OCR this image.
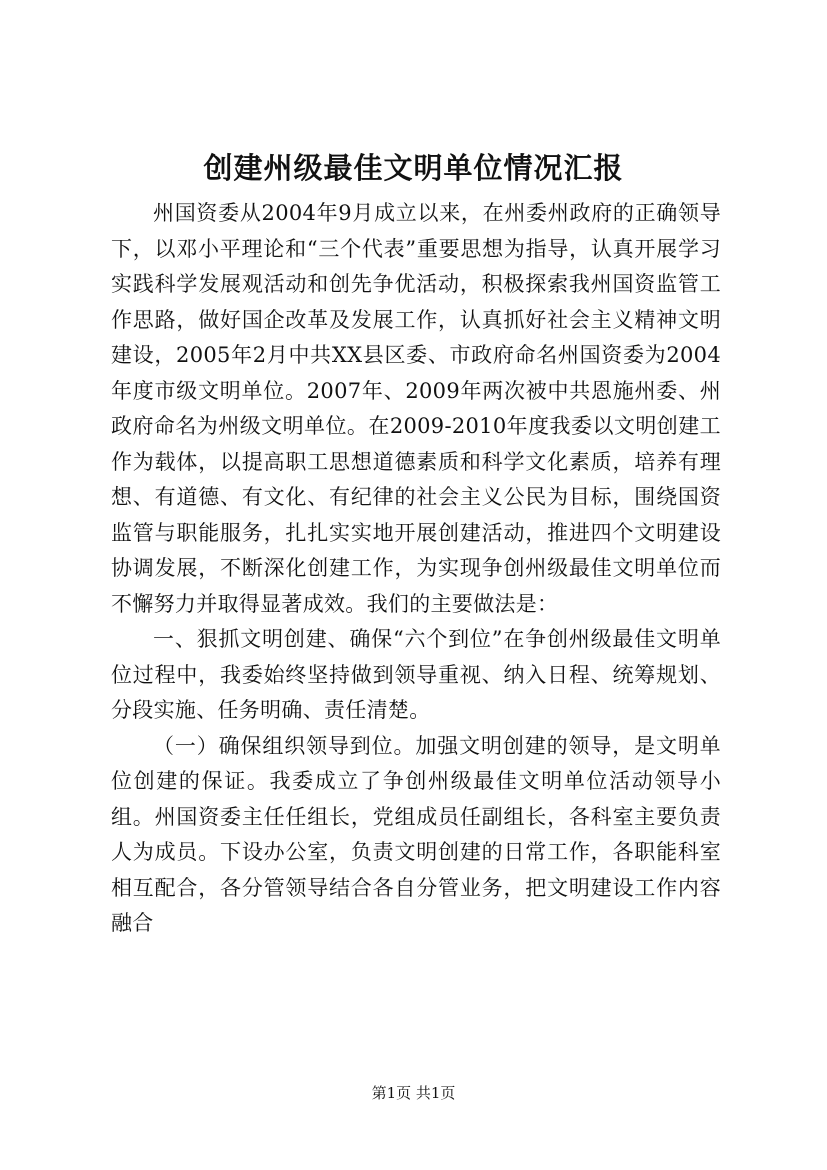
创建州级最佳文明单位情况汇报

州国资委从2004年9月成立以来，在州委州政府的正确领导下，以邓小平理论和“三个代表”重要思想为指导，认真开展学习实践科学发展观活动和创先争优活动，积极探索我州国资监管工作思路，做好国企改革及发展工作，认真抓好社会主义精神文明建设，2005年2月中共XX县区委、市政府命名州国资委为2004年度市级文明单位。2007年、2009年两次被中共恩施州委、州政府命名为州级文明单位。在2009-2010年度我委以文明创建工作为载体，以提高职工思想道德素质和科学文化素质，培养有理想、有道德、有文化、有纪律的社会主义公民为目标，围绕国资监管与职能服务，扎扎实实地开展创建活动，推进四个文明建设协调发展，不断深化创建工作，为实现争创州级最佳文明单位而不懈努力并取得显著成效。我们的主要做法是：

一、狠抓文明创建、确保“六个到位”在争创州级最佳文明单位过程中，我委始终坚持做到领导重视、纳入日程、统筹规划、分段实施、任务明确、责任清楚。

（一）确保组织领导到位。加强文明创建的领导，是文明单位创建的保证。我委成立了争创州级最佳文明单位活动领导小组。州国资委主任任组长，党组成员任副组长，各科室主要负责人为成员。下设办公室，负责文明创建的日常工作，各职能科室相互配合，各分管领导结合各自分管业务，把文明建设工作内容融合

第1页 共1页
